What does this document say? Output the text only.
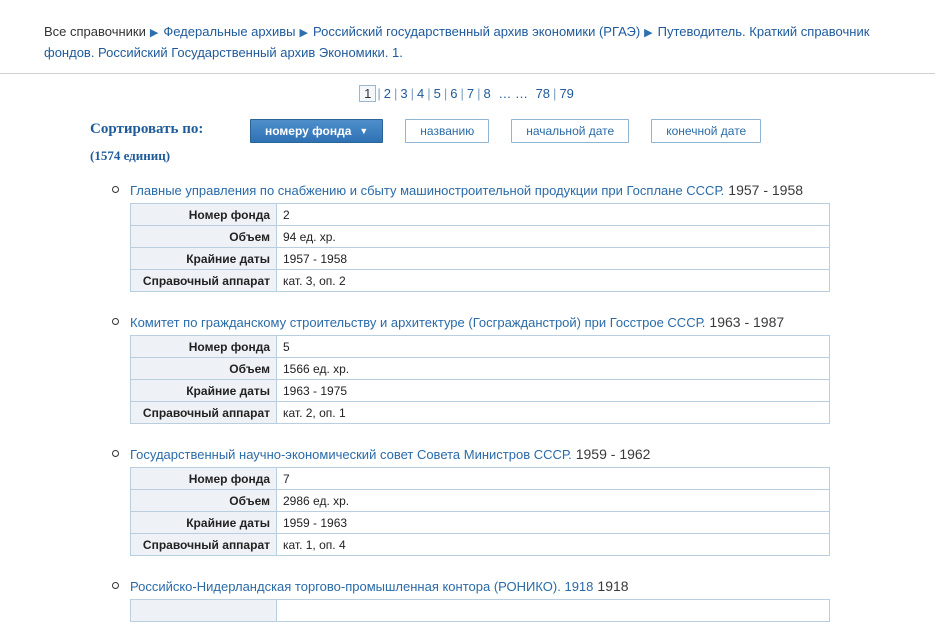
Все справочники ▶ Федеральные архивы ▶ Российский государственный архив экономики (РГАЭ) ▶ Путеводитель. Краткий справочник фондов. Российский Государственный архив Экономики. 1.
1 | 2 | 3 | 4 | 5 | 6 | 7 | 8 … … 78 | 79
Сортировать по:
(1574 единиц)
номеру фонда ▼	названию	начальной дате	конечной дате
Главные управления по снабжению и сбыту машиностроительной продукции при Госплане СССР. 1957 - 1958
Номер фонда	2
Объем	94 ед. хр.
Крайние даты	1957 - 1958
Справочный аппарат	кат. 3, оп. 2
Комитет по гражданскому строительству и архитектуре (Госгражданстрой) при Госстрое СССР. 1963 - 1987
Номер фонда	5
Объем	1566 ед. хр.
Крайние даты	1963 - 1975
Справочный аппарат	кат. 2, оп. 1
Государственный научно-экономический совет Совета Министров СССР. 1959 - 1962
Номер фонда	7
Объем	2986 ед. хр.
Крайние даты	1959 - 1963
Справочный аппарат	кат. 1, оп. 4
Российско-Нидерландская торгово-промышленная контора (РОНИКО). 1918 1918
